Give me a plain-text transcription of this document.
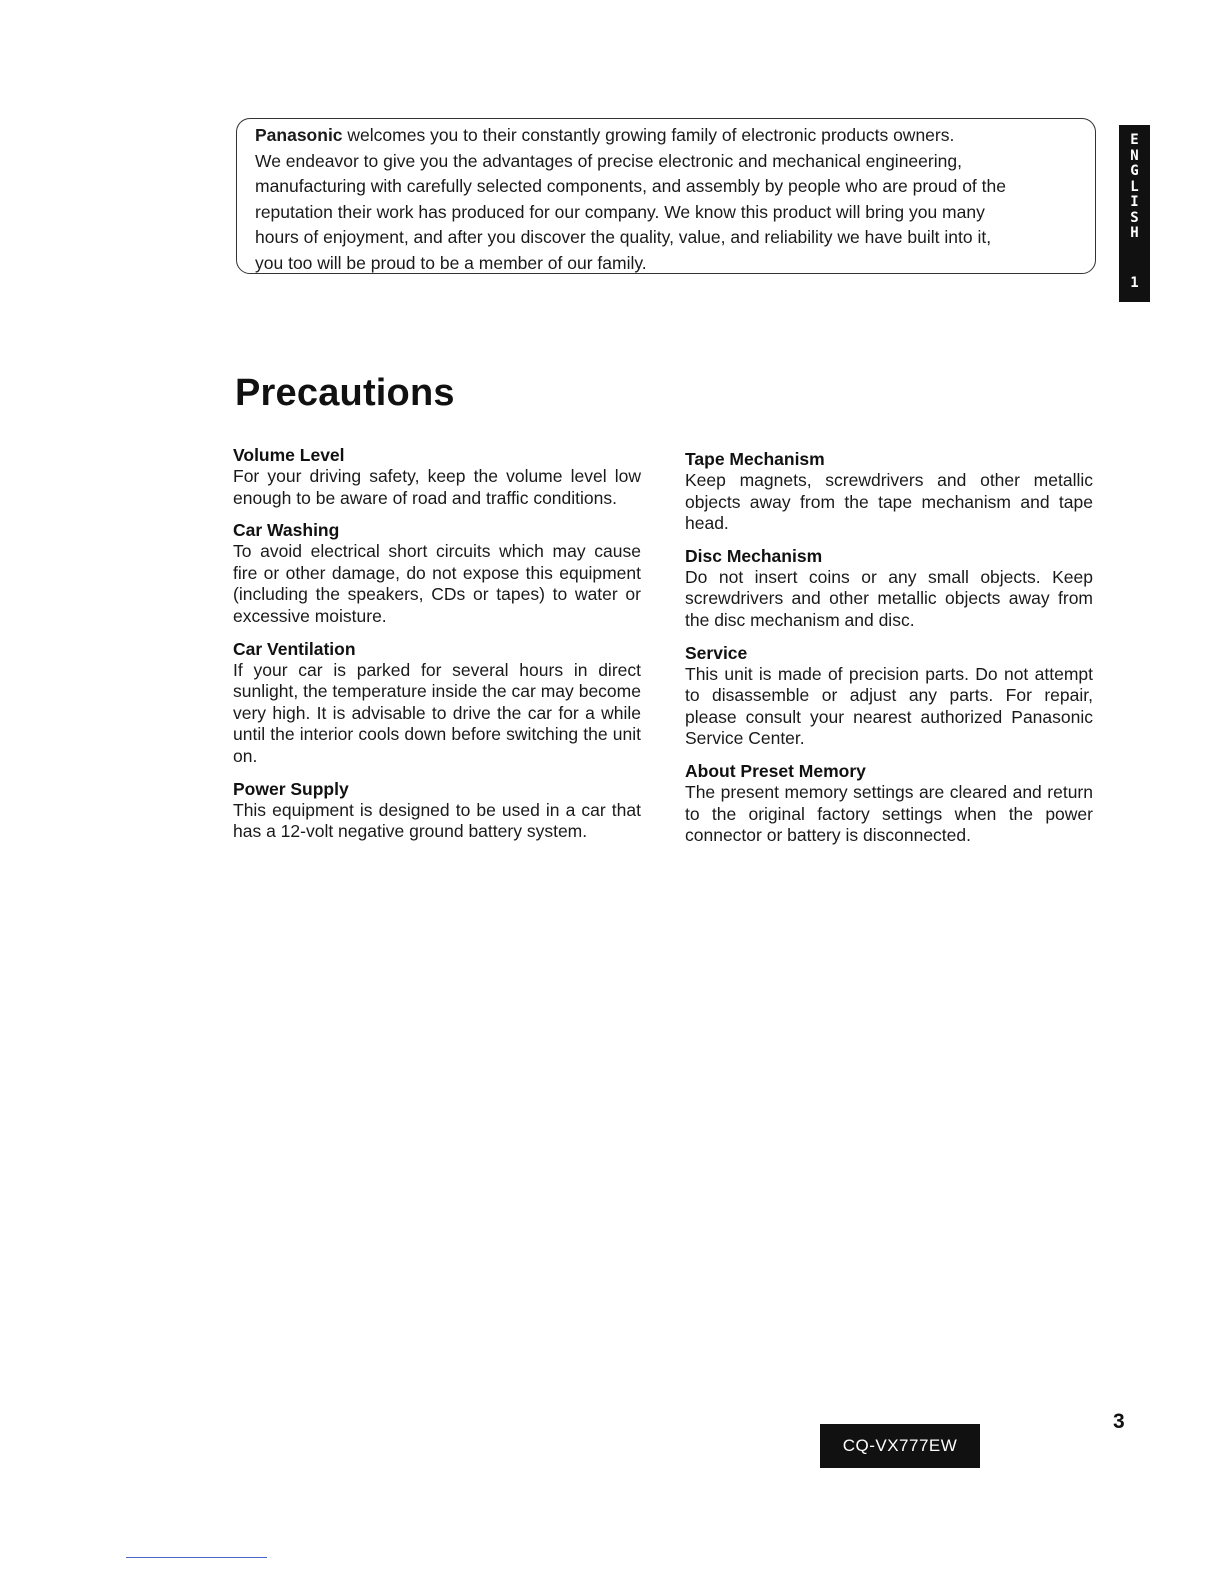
Panasonic welcomes you to their constantly growing family of electronic products owners.
We endeavor to give you the advantages of precise electronic and mechanical engineering,
manufacturing with carefully selected components, and assembly by people who are proud of the
reputation their work has produced for our company. We know this product will bring you many
hours of enjoyment, and after you discover the quality, value, and reliability we have built into it,
you too will be proud to be a member of our family.
E
N
G
L
I
S
H
1
Precautions
Volume Level

For your driving safety, keep the volume level low enough to be aware of road and traffic conditions.

Car Washing

To avoid electrical short circuits which may cause fire or other damage, do not expose this equipment (including the speakers, CDs or tapes) to water or excessive moisture.

Car Ventilation

If your car is parked for several hours in direct sunlight, the temperature inside the car may become very high. It is advisable to drive the car for a while until the interior cools down before switching the unit on.

Power Supply

This equipment is designed to be used in a car that has a 12-volt negative ground battery system.

Tape Mechanism

Keep magnets, screwdrivers and other metallic objects away from the tape mechanism and tape head.

Disc Mechanism

Do not insert coins or any small objects. Keep screwdrivers and other metallic objects away from the disc mechanism and disc.

Service

This unit is made of precision parts. Do not attempt to disassemble or adjust any parts. For repair, please consult your nearest authorized Panasonic Service Center.

About Preset Memory

The present memory settings are cleared and return to the original factory settings when the power connector or battery is disconnected.

3
CQ-VX777EW
